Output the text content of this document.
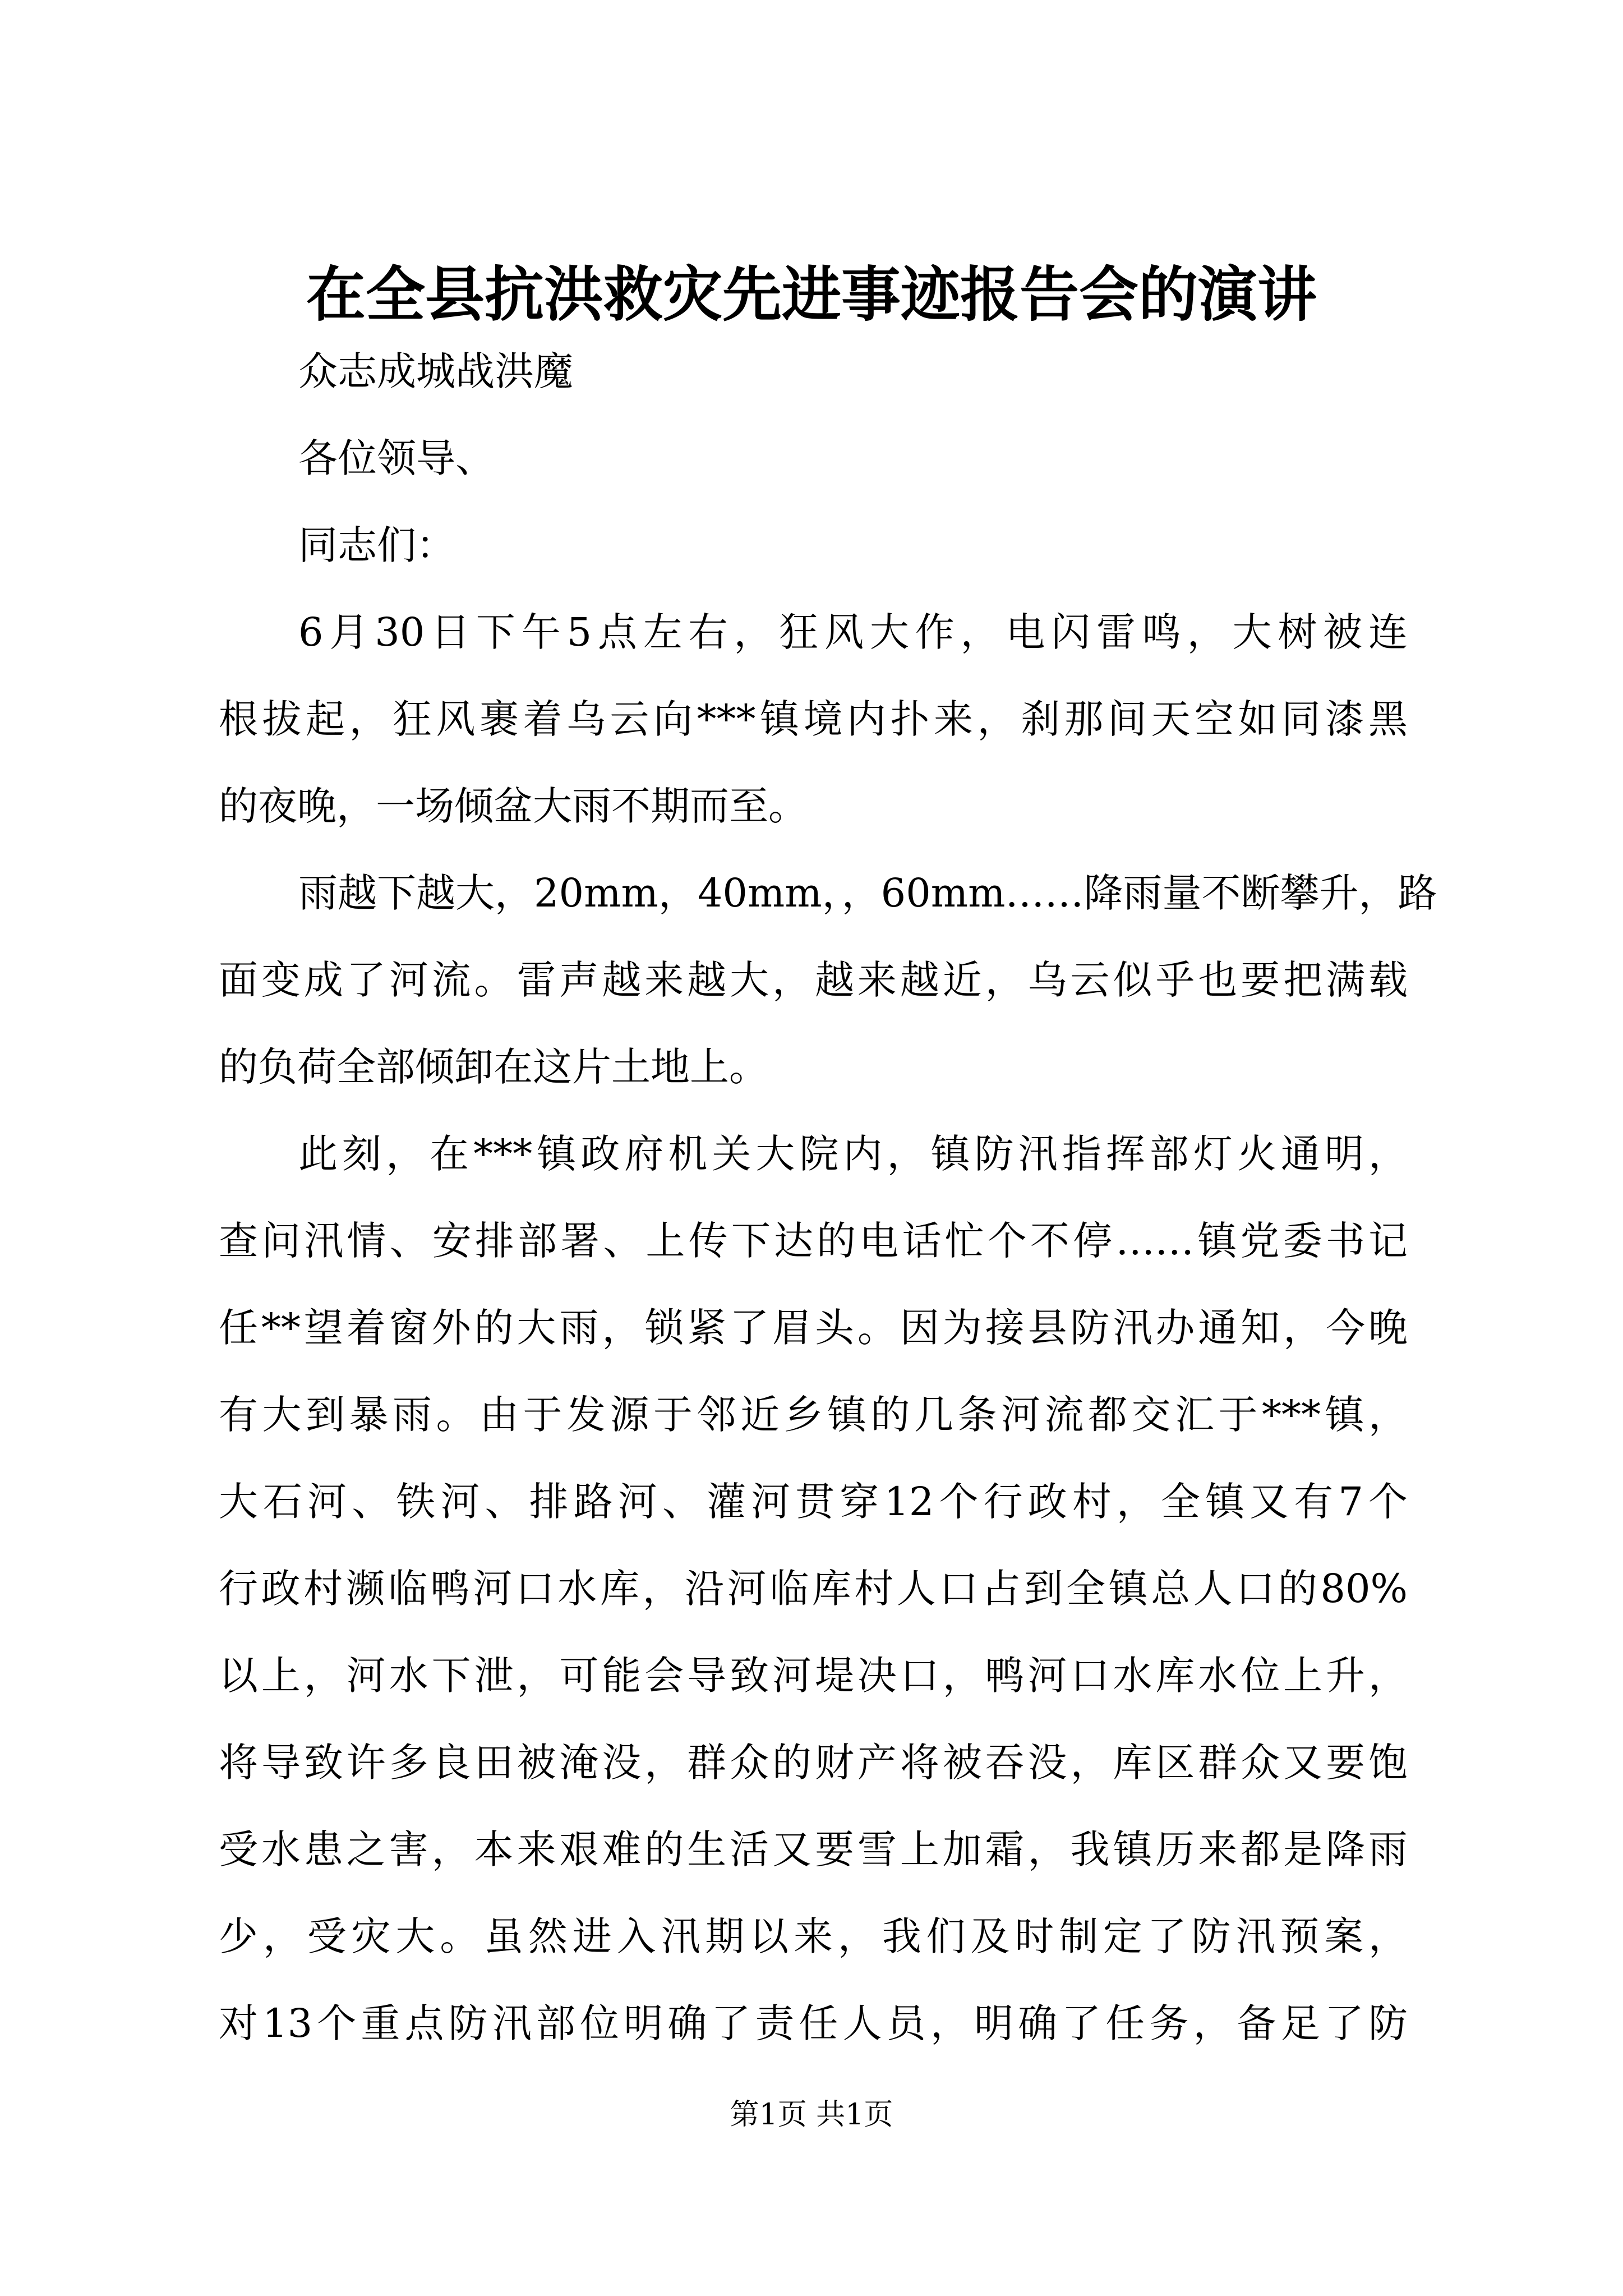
在全县抗洪救灾先进事迹报告会的演讲
众志成城战洪魔
各位领导、
同志们：
6月30日下午5点左右，狂风大作，电闪雷鸣，大树被连
根拔起，狂风裹着乌云向***镇境内扑来，刹那间天空如同漆黑
的夜晚，一场倾盆大雨不期而至。
雨越下越大，20mm，40mm，，60mm……降雨量不断攀升，路
面变成了河流。雷声越来越大，越来越近，乌云似乎也要把满载
的负荷全部倾卸在这片土地上。
此刻，在***镇政府机关大院内，镇防汛指挥部灯火通明，
查问汛情、安排部署、上传下达的电话忙个不停……镇党委书记
任**望着窗外的大雨，锁紧了眉头。因为接县防汛办通知，今晚
有大到暴雨。由于发源于邻近乡镇的几条河流都交汇于***镇，
大石河、铁河、排路河、灌河贯穿12个行政村，全镇又有7个
行政村濒临鸭河口水库，沿河临库村人口占到全镇总人口的80%
以上，河水下泄，可能会导致河堤决口，鸭河口水库水位上升，
将导致许多良田被淹没，群众的财产将被吞没，库区群众又要饱
受水患之害，本来艰难的生活又要雪上加霜，我镇历来都是降雨
少，受灾大。虽然进入汛期以来，我们及时制定了防汛预案，
对13个重点防汛部位明确了责任人员，明确了任务，备足了防
第1页 共1页
